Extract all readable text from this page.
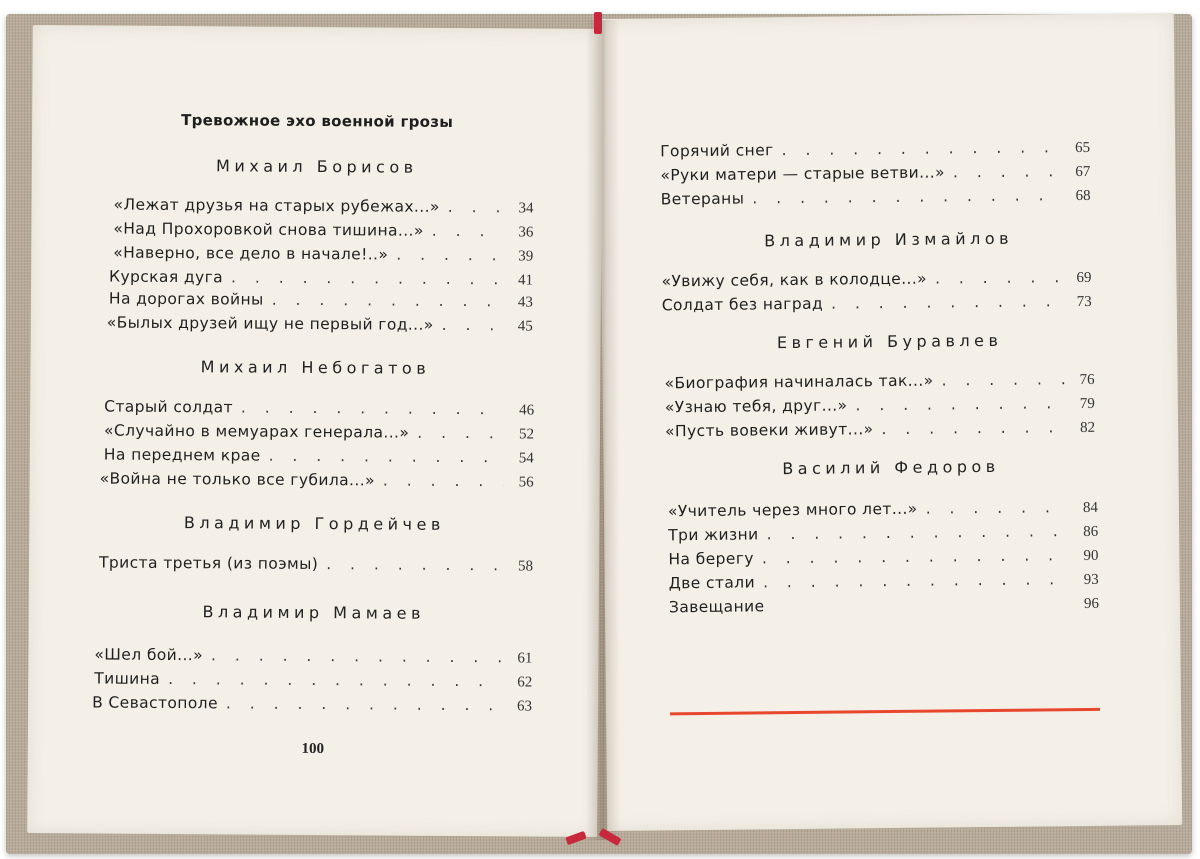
Тревожное эхо военной грозы
Михаил Борисов
«Лежат друзья на старых рубежах...» . . .	34
«Над Прохоровкой снова тишина...» . . .	36
«Наверно, все дело в начале!..» . . .	39
Курская дуга . . .	41
На дорогах войны . . .	43
«Былых друзей ищу не первый год...» . . .	45
Михаил Небогатов
Старый солдат . . .	46
«Случайно в мемуарах генерала...» . . .	52
На переднем крае . . .	54
«Война не только все губила...» . . .	56
Владимир Гордейчев
Триста третья (из поэмы) . . .	58
Владимир Мамаев
«Шел бой...» . . .	61
Тишина . . .	62
В Севастополе . . .	63
100
Горячий снег . . .	65
«Руки матери — старые ветви...» . . .	67
Ветераны . . .	68
Владимир Измайлов
«Увижу себя, как в колодце...» . . .	69
Солдат без наград . . .	73
Евгений Буравлев
«Биография начиналась так...» . . .	76
«Узнаю тебя, друг...» . . .	79
«Пусть вовеки живут...» . . .	82
Василий Федоров
«Учитель через много лет...» . . .	84
Три жизни . . .	86
На берегу . . .	90
Две стали . . .	93
Завещание	96
